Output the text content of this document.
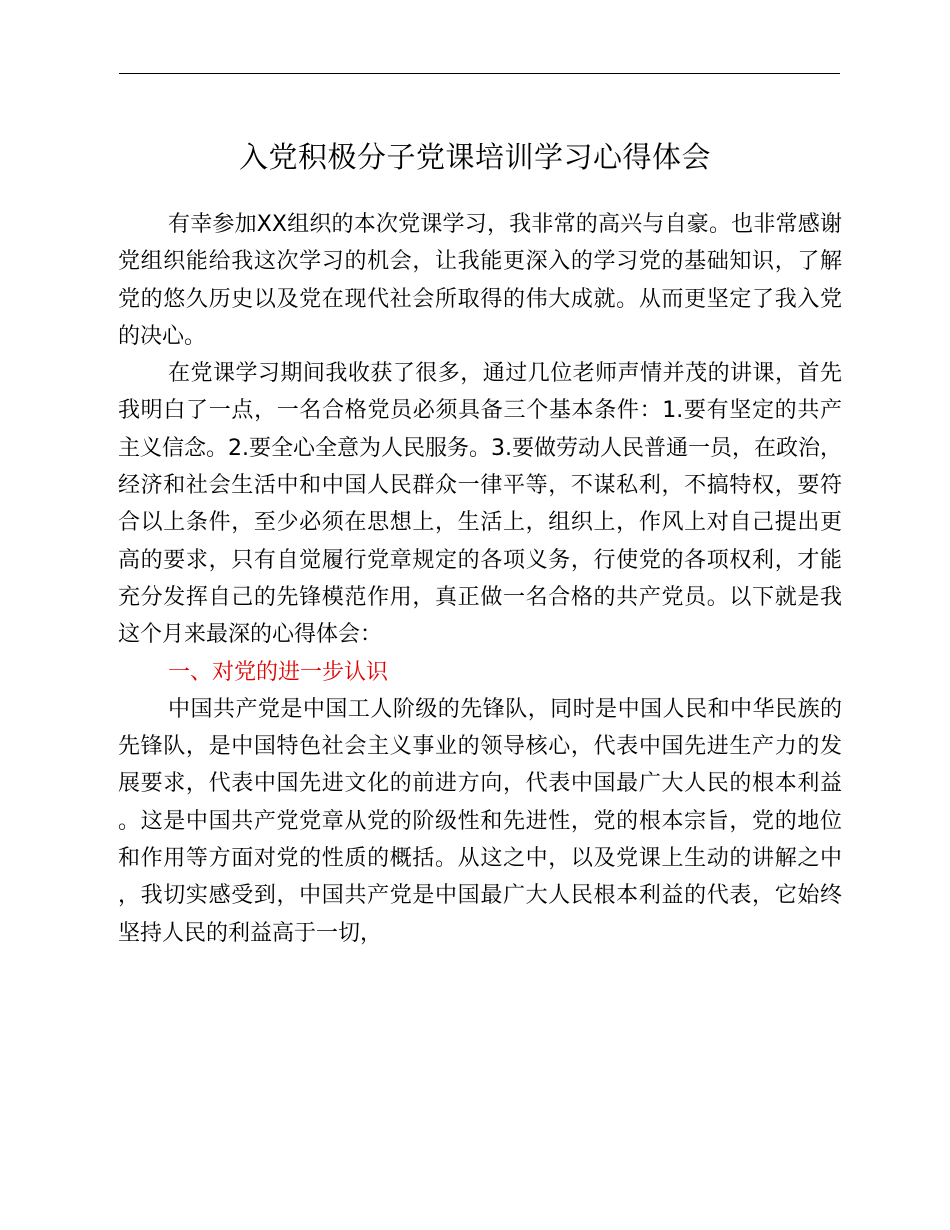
入党积极分子党课培训学习心得体会

有幸参加XX组织的本次党课学习，我非常的高兴与自豪。也非常感谢党组织能给我这次学习的机会，让我能更深入的学习党的基础知识，了解党的悠久历史以及党在现代社会所取得的伟大成就。从而更坚定了我入党的决心。

在党课学习期间我收获了很多，通过几位老师声情并茂的讲课，首先我明白了一点，一名合格党员必须具备三个基本条件：1.要有坚定的共产主义信念。2.要全心全意为人民服务。3.要做劳动人民普通一员，在政治，经济和社会生活中和中国人民群众一律平等，不谋私利，不搞特权，要符合以上条件，至少必须在思想上，生活上，组织上，作风上对自己提出更高的要求，只有自觉履行党章规定的各项义务，行使党的各项权利，才能充分发挥自己的先锋模范作用，真正做一名合格的共产党员。以下就是我这个月来最深的心得体会：

一、对党的进一步认识

中国共产党是中国工人阶级的先锋队，同时是中国人民和中华民族的先锋队，是中国特色社会主义事业的领导核心，代表中国先进生产力的发展要求，代表中国先进文化的前进方向，代表中国最广大人民的根本利益。这是中国共产党党章从党的阶级性和先进性，党的根本宗旨，党的地位和作用等方面对党的性质的概括。从这之中，以及党课上生动的讲解之中，我切实感受到，中国共产党是中国最广大人民根本利益的代表，它始终坚持人民的利益高于一切，
